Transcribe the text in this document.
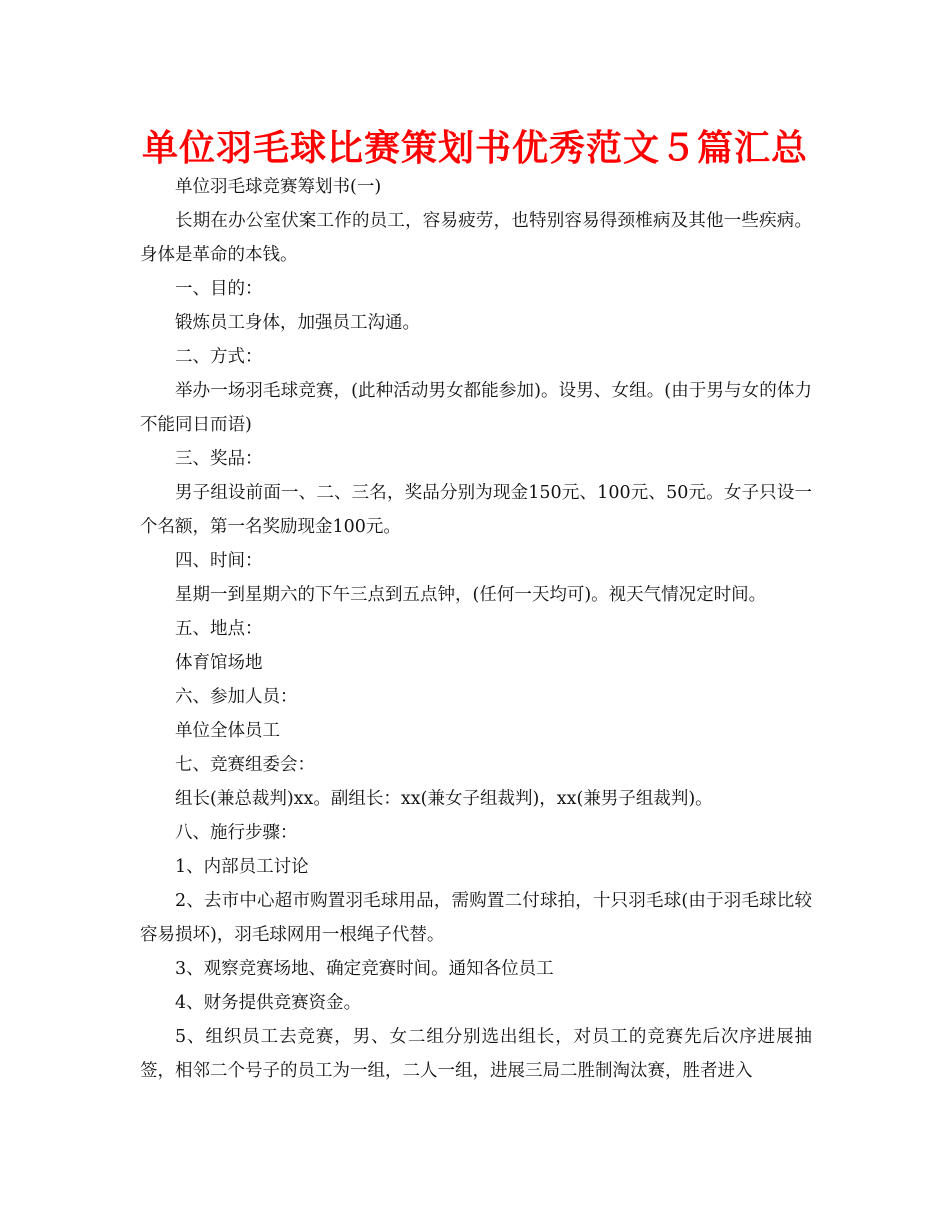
单位羽毛球比赛策划书优秀范文５篇汇总

单位羽毛球竞赛筹划书(一)

长期在办公室伏案工作的员工，容易疲劳，也特别容易得颈椎病及其他一些疾病。身体是革命的本钱。

一、目的：

锻炼员工身体，加强员工沟通。

二、方式：

举办一场羽毛球竞赛，(此种活动男女都能参加)。设男、女组。(由于男与女的体力不能同日而语)

三、奖品：

男子组设前面一、二、三名，奖品分别为现金150元、100元、50元。女子只设一个名额，第一名奖励现金100元。

四、时间：

星期一到星期六的下午三点到五点钟，(任何一天均可)。视天气情况定时间。

五、地点：

体育馆场地

六、参加人员：

单位全体员工

七、竞赛组委会：

组长(兼总裁判)xx。副组长：xx(兼女子组裁判)，xx(兼男子组裁判)。

八、施行步骤：

1、内部员工讨论

2、去市中心超市购置羽毛球用品，需购置二付球拍，十只羽毛球(由于羽毛球比较容易损坏)，羽毛球网用一根绳子代替。

3、观察竞赛场地、确定竞赛时间。通知各位员工

4、财务提供竞赛资金。

5、组织员工去竞赛，男、女二组分别选出组长，对员工的竞赛先后次序进展抽签，相邻二个号子的员工为一组，二人一组，进展三局二胜制淘汰赛，胜者进入
